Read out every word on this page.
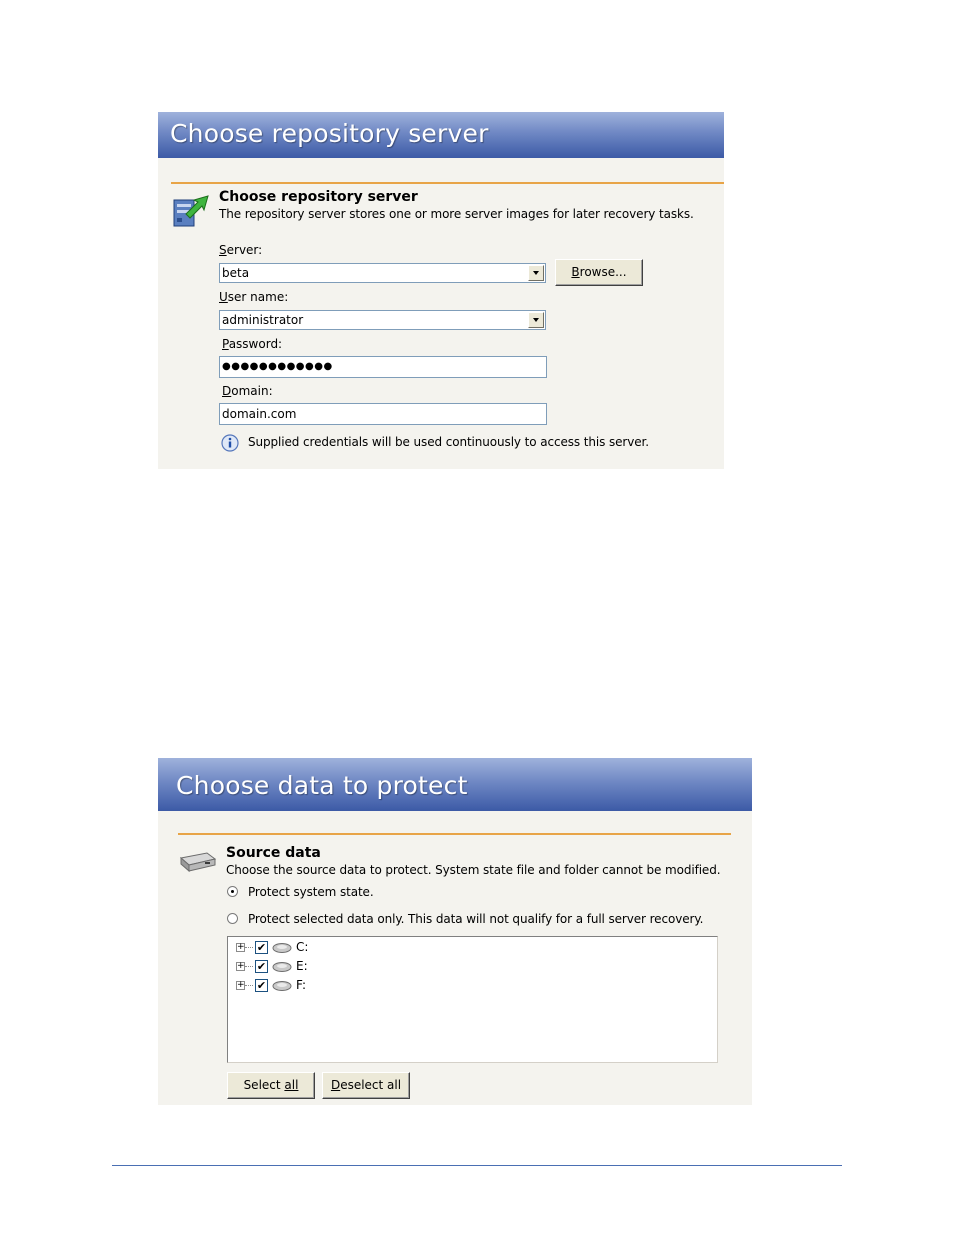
Choose repository server
Choose repository server
The repository server stores one or more server images for later recovery tasks.
Server:
beta	Browse...
User name:
administrator
Password:
●●●●●●●●●●●●
Domain:
domain.com
Supplied credentials will be used continuously to access this server.
Choose data to protect
Source data
Choose the source data to protect. System state file and folder cannot be modified.
Protect system state.
Protect selected data only. This data will not qualify for a full server recovery.
+ ✔ C:
+ ✔ E:
+ ✔ F:
Select all	Deselect all
